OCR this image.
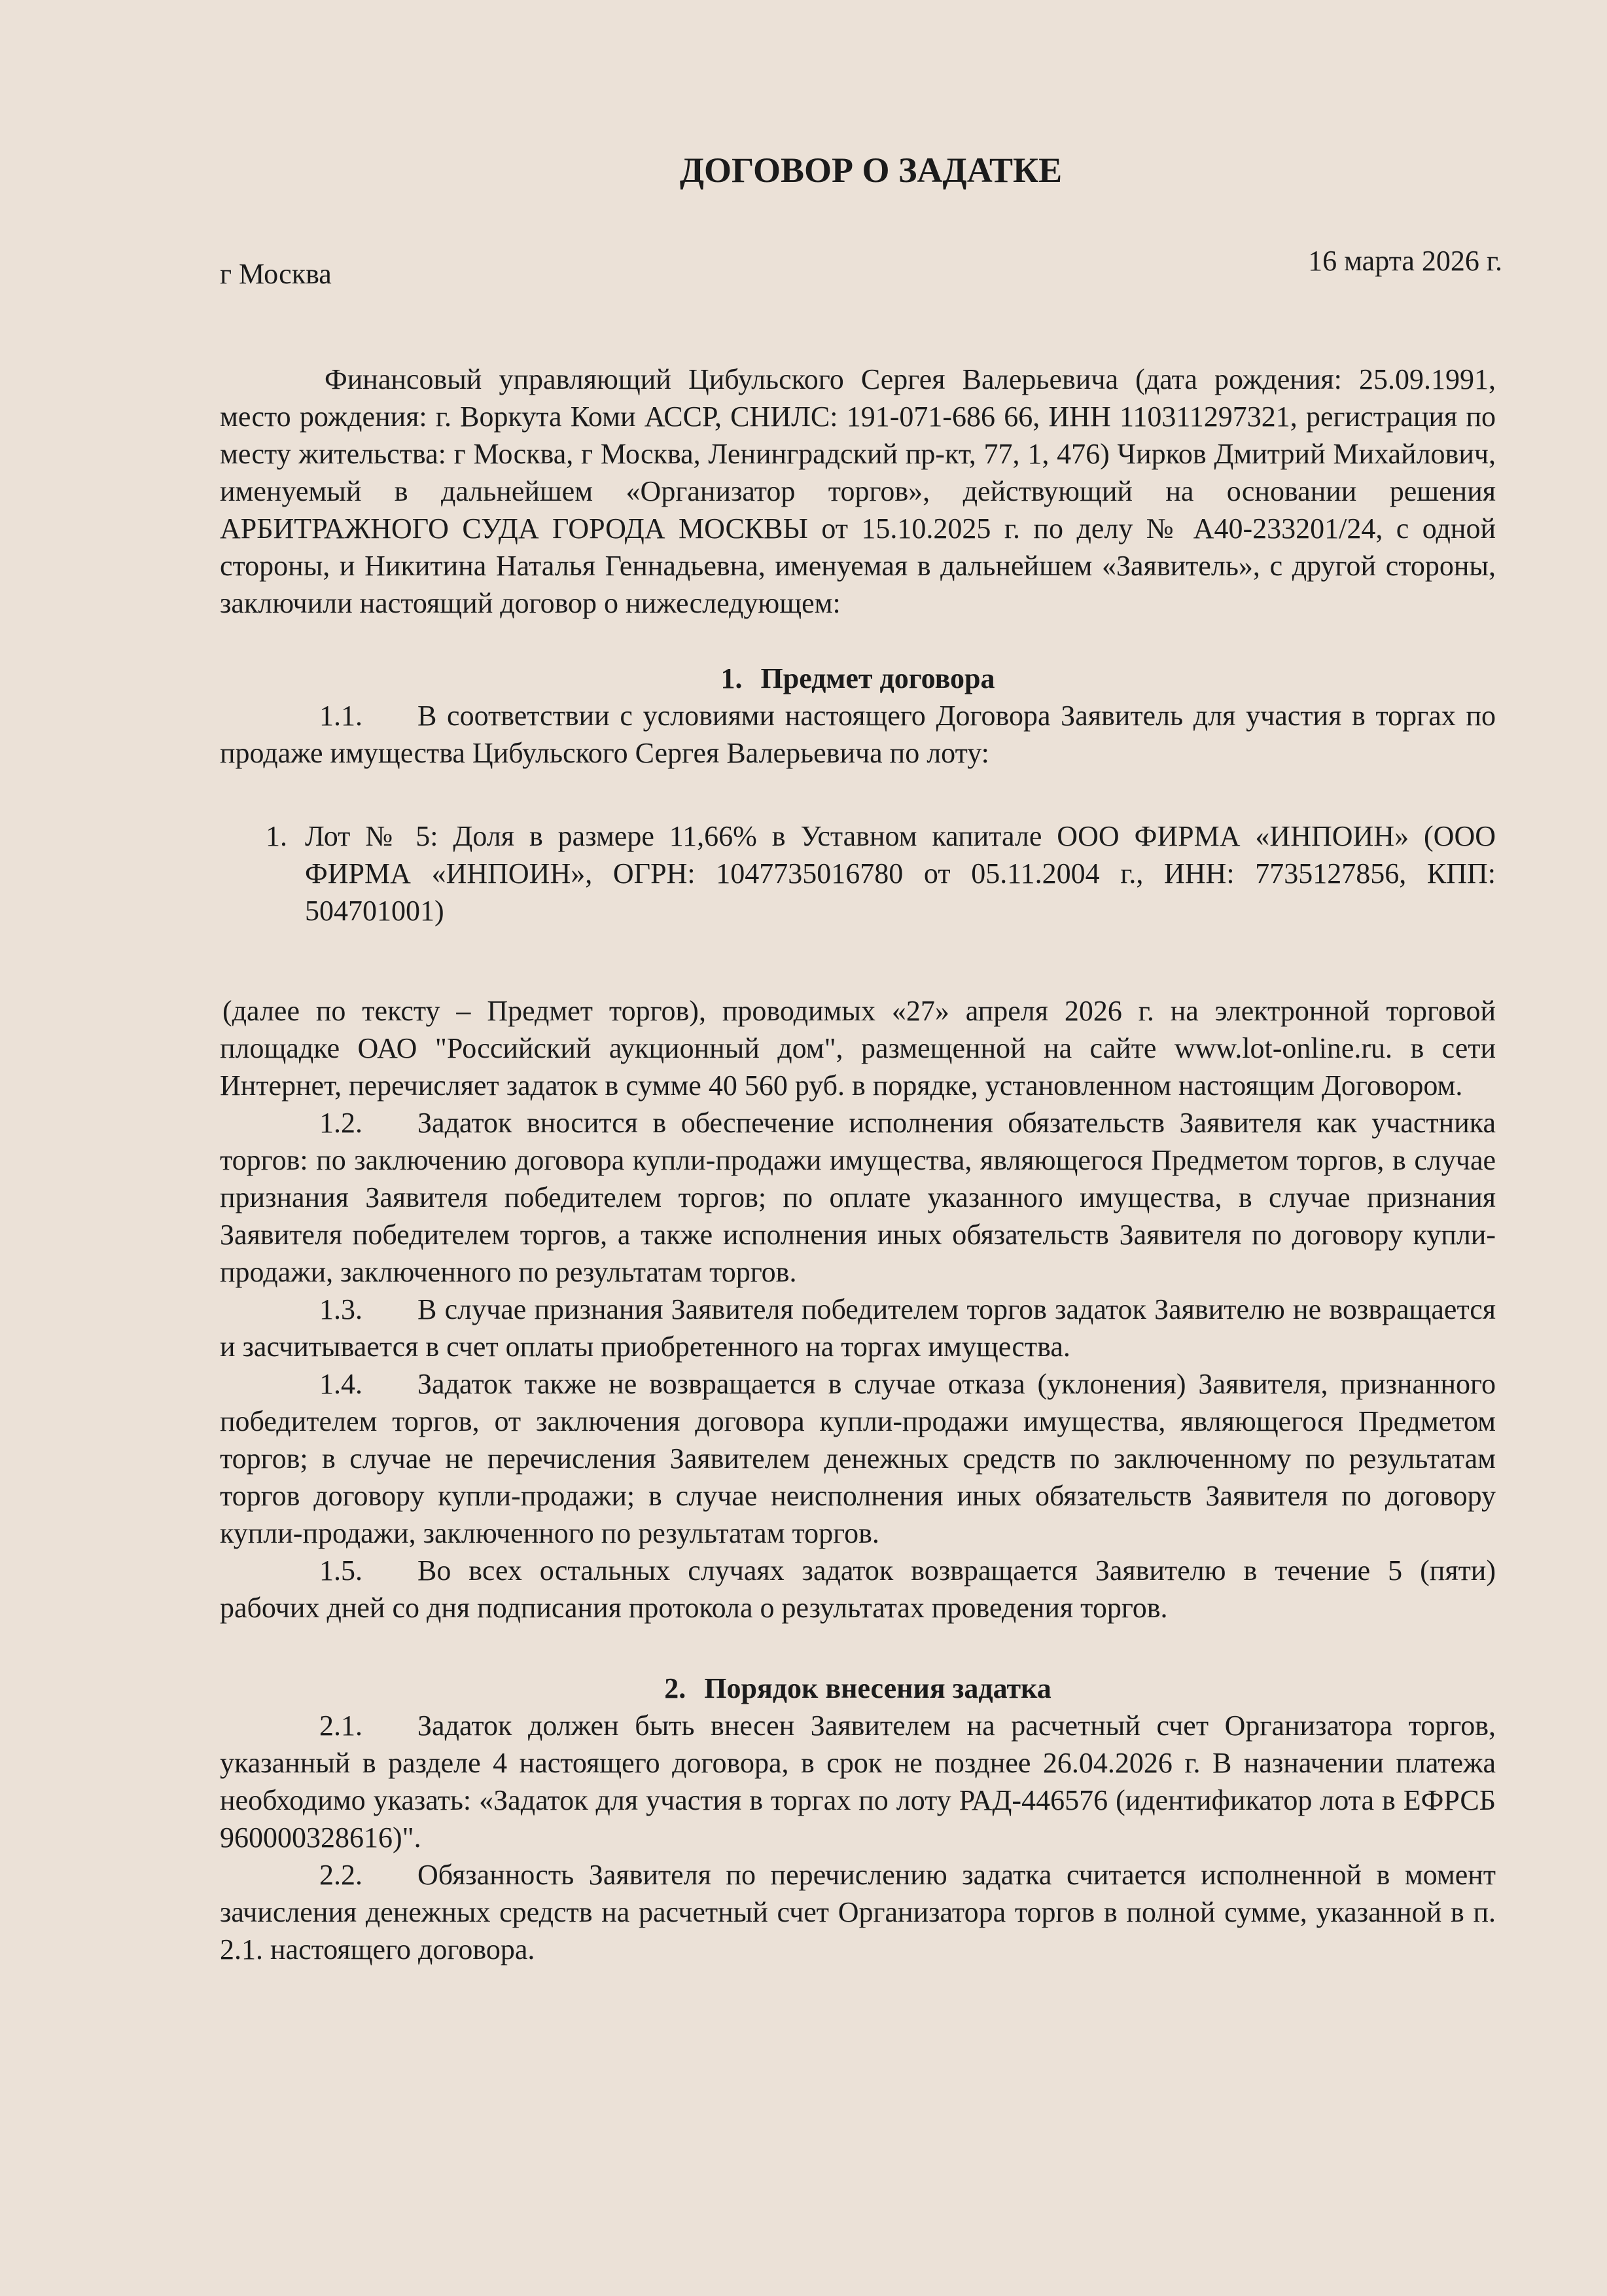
ДОГОВОР О ЗАДАТКЕ
г Москва	16 марта 2026 г.

Финансовый управляющий Цибульского Сергея Валерьевича (дата рождения: 25.09.1991, место рождения: г. Воркута Коми АССР, СНИЛС: 191-071-686 66, ИНН 110311297321, регистрация по месту жительства: г Москва, г Москва, Ленинградский пр-кт, 77, 1, 476) Чирков Дмитрий Михайлович, именуемый в дальнейшем «Организатор торгов», действующий на основании решения АРБИТРАЖНОГО СУДА ГОРОДА МОСКВЫ от 15.10.2025 г. по делу № А40-233201/24, с одной стороны, и Никитина Наталья Геннадьевна, именуемая в дальнейшем «Заявитель», с другой стороны, заключили настоящий договор о нижеследующем:

1. Предмет договора

1.1. В соответствии с условиями настоящего Договора Заявитель для участия в торгах по продаже имущества Цибульского Сергея Валерьевича по лоту:

1. Лот № 5: Доля в размере 11,66% в Уставном капитале ООО ФИРМА «ИНПОИН» (ООО ФИРМА «ИНПОИН», ОГРН: 1047735016780 от 05.11.2004 г., ИНН: 7735127856, КПП: 504701001)

(далее по тексту – Предмет торгов), проводимых «27» апреля 2026 г. на электронной торговой площадке ОАО "Российский аукционный дом", размещенной на сайте www.lot-online.ru. в сети Интернет, перечисляет задаток в сумме 40 560 руб. в порядке, установленном настоящим Договором.

1.2. Задаток вносится в обеспечение исполнения обязательств Заявителя как участника торгов: по заключению договора купли-продажи имущества, являющегося Предметом торгов, в случае признания Заявителя победителем торгов; по оплате указанного имущества, в случае признания Заявителя победителем торгов, а также исполнения иных обязательств Заявителя по договору купли-продажи, заключенного по результатам торгов.

1.3. В случае признания Заявителя победителем торгов задаток Заявителю не возвращается и засчитывается в счет оплаты приобретенного на торгах имущества.

1.4. Задаток также не возвращается в случае отказа (уклонения) Заявителя, признанного победителем торгов, от заключения договора купли-продажи имущества, являющегося Предметом торгов; в случае не перечисления Заявителем денежных средств по заключенному по результатам торгов договору купли-продажи; в случае неисполнения иных обязательств Заявителя по договору купли-продажи, заключенного по результатам торгов.

1.5. Во всех остальных случаях задаток возвращается Заявителю в течение 5 (пяти) рабочих дней со дня подписания протокола о результатах проведения торгов.

2. Порядок внесения задатка

2.1. Задаток должен быть внесен Заявителем на расчетный счет Организатора торгов, указанный в разделе 4 настоящего договора, в срок не позднее 26.04.2026 г. В назначении платежа необходимо указать: «Задаток для участия в торгах по лоту РАД-446576 (идентификатор лота в ЕФРСБ 960000328616)".

2.2. Обязанность Заявителя по перечислению задатка считается исполненной в момент зачисления денежных средств на расчетный счет Организатора торгов в полной сумме, указанной в п. 2.1. настоящего договора.
